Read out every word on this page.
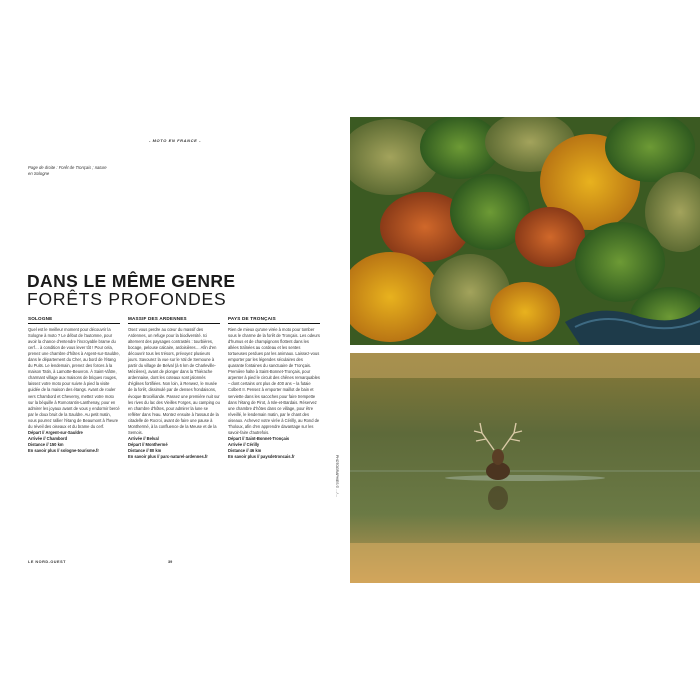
- MOTO EN FRANCE -
Page de droite : Forêt de Tronçais ; nature en Sologne
DANS LE MÊME GENRE
FORÊTS PROFONDES
SOLOGNE

Quel est le meilleur moment pour découvrir la Sologne à moto ? Le début de l'automne, pour avoir la chance d'entendre l'incroyable brame du cerf… à condition de vous lever tôt ! Pour cela, prenez une chambre d'hôtes à Argent-sur-Sauldre, dans le département du Cher, au bord de l'étang du Puits. Le lendemain, prenez des forces à la maison Tatin, à Lamotte-Beuvron. À Saint-Viâtre, charmant village aux maisons de briques rouges, laissez votre moto pour suivre à pied la visite guidée de la maison des étangs. Avant de rouler vers Chambord et Cheverny, mettez votre moto sur la béquille à Romorantin-Lanthenay, pour en admirer les joyaux avant de vous y endormir bercé par le doux bruit de la Sauldre. Au petit matin, vous pourrez rallier l'étang de Beaumont à l'heure du réveil des oiseaux et du brame du cerf.

Départ // Argent-sur-Sauldre
Arrivée // Chambord
Distance // 150 km
En savoir plus // sologne-tourisme.fr
MASSIF DES ARDENNES

Osez vous perdre au cœur du massif des Ardennes, un refuge pour la biodiversité. Ici alternent des paysages contrastés : tourbières, bocage, pelouse calcaire, ardoisières… Afin d'en découvrir tous les trésors, prévoyez plusieurs jours. Savourez la vue sur le Val de Semoune à partir du village de Belval (à 6 km de Charleville-Mézières), avant de plonger dans la Thiérache ardennaise, dont les coteaux sont jalonnés d'églises fortifiées. Non loin, à Renwez, le musée de la forêt, dissimulé par de denses frondaisons, évoque Brocéliande. Passez une première nuit sur les rives du lac des Vieilles Forges, au camping ou en chambre d'hôtes, pour admirer la lune se refléter dans l'eau. Montez ensuite à l'assaut de la citadelle de Rocroi, avant de faire une pause à Monthermé, à la confluence de la Meuse et de la Semois.

Arrivée // Belval
Départ // Monthermé
Distance // 80 km
En savoir plus // parc-naturel-ardennes.fr
PAYS DE TRONÇAIS

Rien de mieux qu'une virée à moto pour tomber sous le charme de la forêt de Tronçais. Les odeurs d'humus et de champignons flottent dans les allées traînées au cordeau et les sentes tortueuses perdues par les animaux. Laissez-vous emporter par les légendes séculaires des quarante fontaines du sanctuaire de Tronçais. Première halte à Saint-Bonnet-Tronçais, pour arpenter à pied le circuit des chênes remarquables – dont certains ont plus de 400 ans – la futaie Colbert II. Pensez à emporter maillot de bain et serviette dans les sacoches pour faire trempette dans l'étang de Pirot, à Isle-et-Bardais. Réservez une chambre d'hôtes dans ce village, pour être réveillé, le lendemain matin, par le chant des oiseaux. Achevez votre virée à Cérilly, au Rond de Tholoux, afin d'en apprendre davantage sur les savoir-faire d'autrefois.

Départ // Saint-Bonnet-Tronçais
Arrivée // Cérilly
Distance // 46 km
En savoir plus // paysdetroncais.fr
LE NORD-OUEST	39
PHOTOGRAPHIES © ... / ...
